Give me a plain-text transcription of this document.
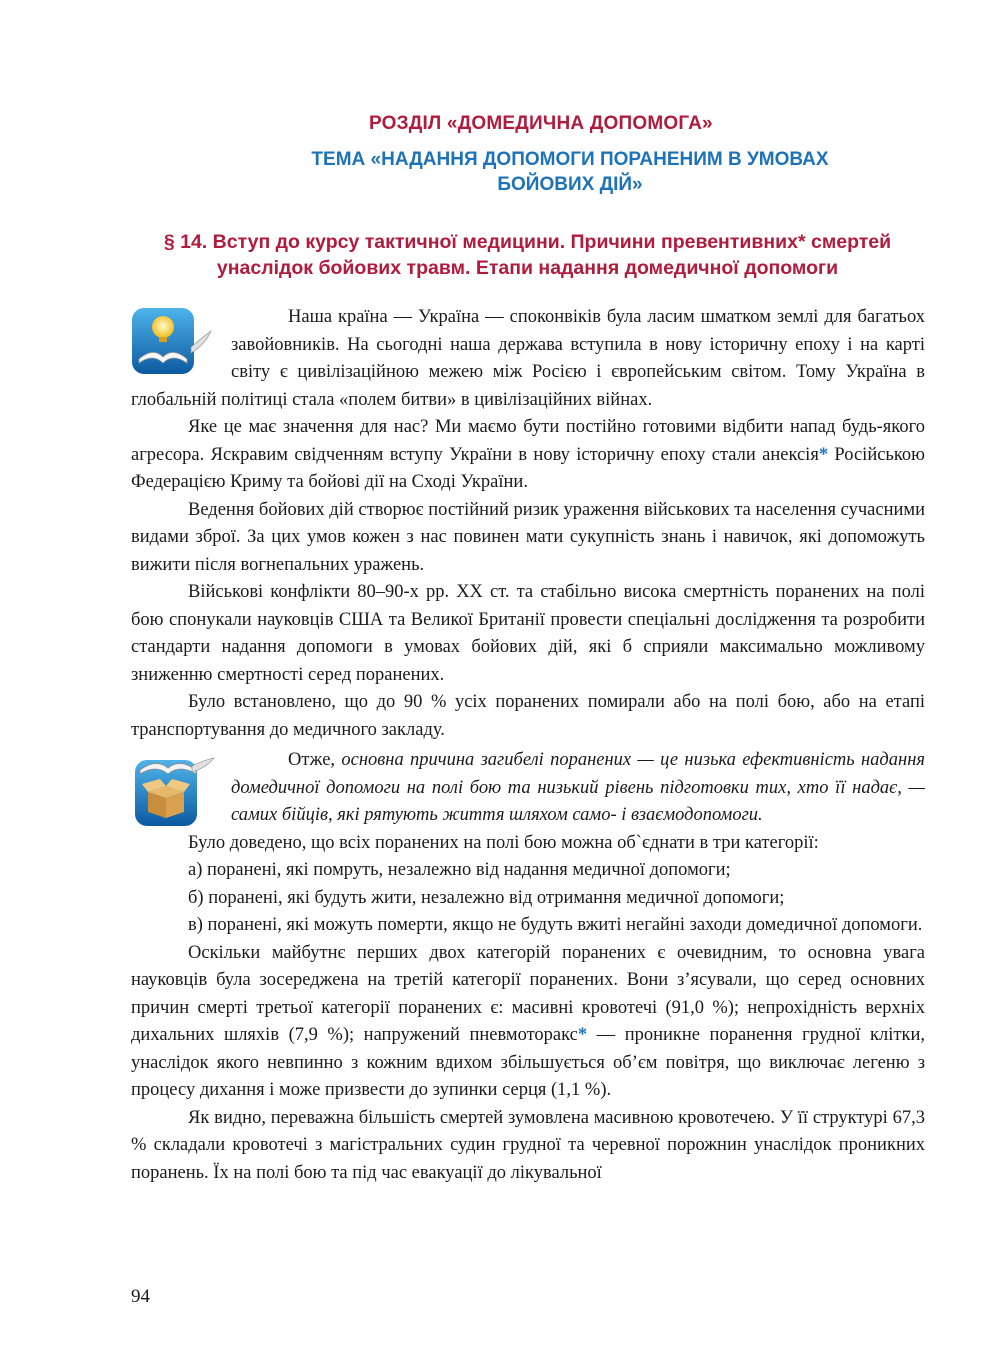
РОЗДІЛ «ДОМЕДИЧНА ДОПОМОГА»
ТЕМА «НАДАННЯ ДОПОМОГИ ПОРАНЕНИМ В УМОВАХ

БОЙОВИХ ДІЙ»
§ 14. Вступ до курсу тактичної медицини. Причини превентивних* смертей
унаслідок бойових травм. Етапи надання домедичної допомоги

Наша країна — Україна — споконвіків була ласим шматком землі для багатьох завойовників. На сьогодні наша держава вступила в нову історичну епоху і на карті світу є цивілізаційною межею між Росією і європейським світом. Тому Україна в глобальній політиці стала «полем битви» в цивілізаційних війнах.

Яке це має значення для нас? Ми маємо бути постійно готовими відбити напад будь-якого агресора. Яскравим свідченням вступу України в нову історичну епоху стали анексія* Російською Федерацією Криму та бойові дії на Сході України.

Ведення бойових дій створює постійний ризик ураження військових та населення сучасними видами зброї. За цих умов кожен з нас повинен мати сукупність знань і навичок, які допоможуть вижити після вогнепальних уражень.

Військові конфлікти 80–90-х рр. XX ст. та стабільно висока смертність поранених на полі бою спонукали науковців США та Великої Британії провести спеціальні дослідження та розробити стандарти надання допомоги в умовах бойових дій, які б сприяли максимально можливому зниженню смертності серед поранених.

Було встановлено, що до 90 % усіх поранених помирали або на полі бою, або на етапі транспортування до медичного закладу.

Отже, основна причина загибелі поранених — це низька ефективність надання домедичної допомоги на полі бою та низький рівень підготовки тих, хто її надає, — самих бійців, які рятують життя шляхом само- і взаємодопомоги.

Було доведено, що всіх поранених на полі бою можна об`єднати в три категорії:

а) поранені, які помруть, незалежно від надання медичної допомоги;

б) поранені, які будуть жити, незалежно від отримання медичної допомоги;

в) поранені, які можуть померти, якщо не будуть вжиті негайні заходи домедичної допомоги.

Оскільки майбутнє перших двох категорій поранених є очевидним, то основна увага науковців була зосереджена на третій категорії поранених. Вони з’ясували, що серед основних причин смерті третьої категорії поранених є: масивні кровотечі (91,0 %); непрохідність верхніх дихальних шляхів (7,9 %); напружений пневмоторакс* — проникне поранення грудної клітки, унаслідок якого невпинно з кожним вдихом збільшується об’єм повітря, що виключає легеню з процесу дихання і може призвести до зупинки серця (1,1 %).

Як видно, переважна більшість смертей зумовлена масивною кровотечею. У її структурі 67,3 % складали кровотечі з магістральних судин грудної та черевної порожнин унаслідок проникних поранень. Їх на полі бою та під час евакуації до лікувальної

94
